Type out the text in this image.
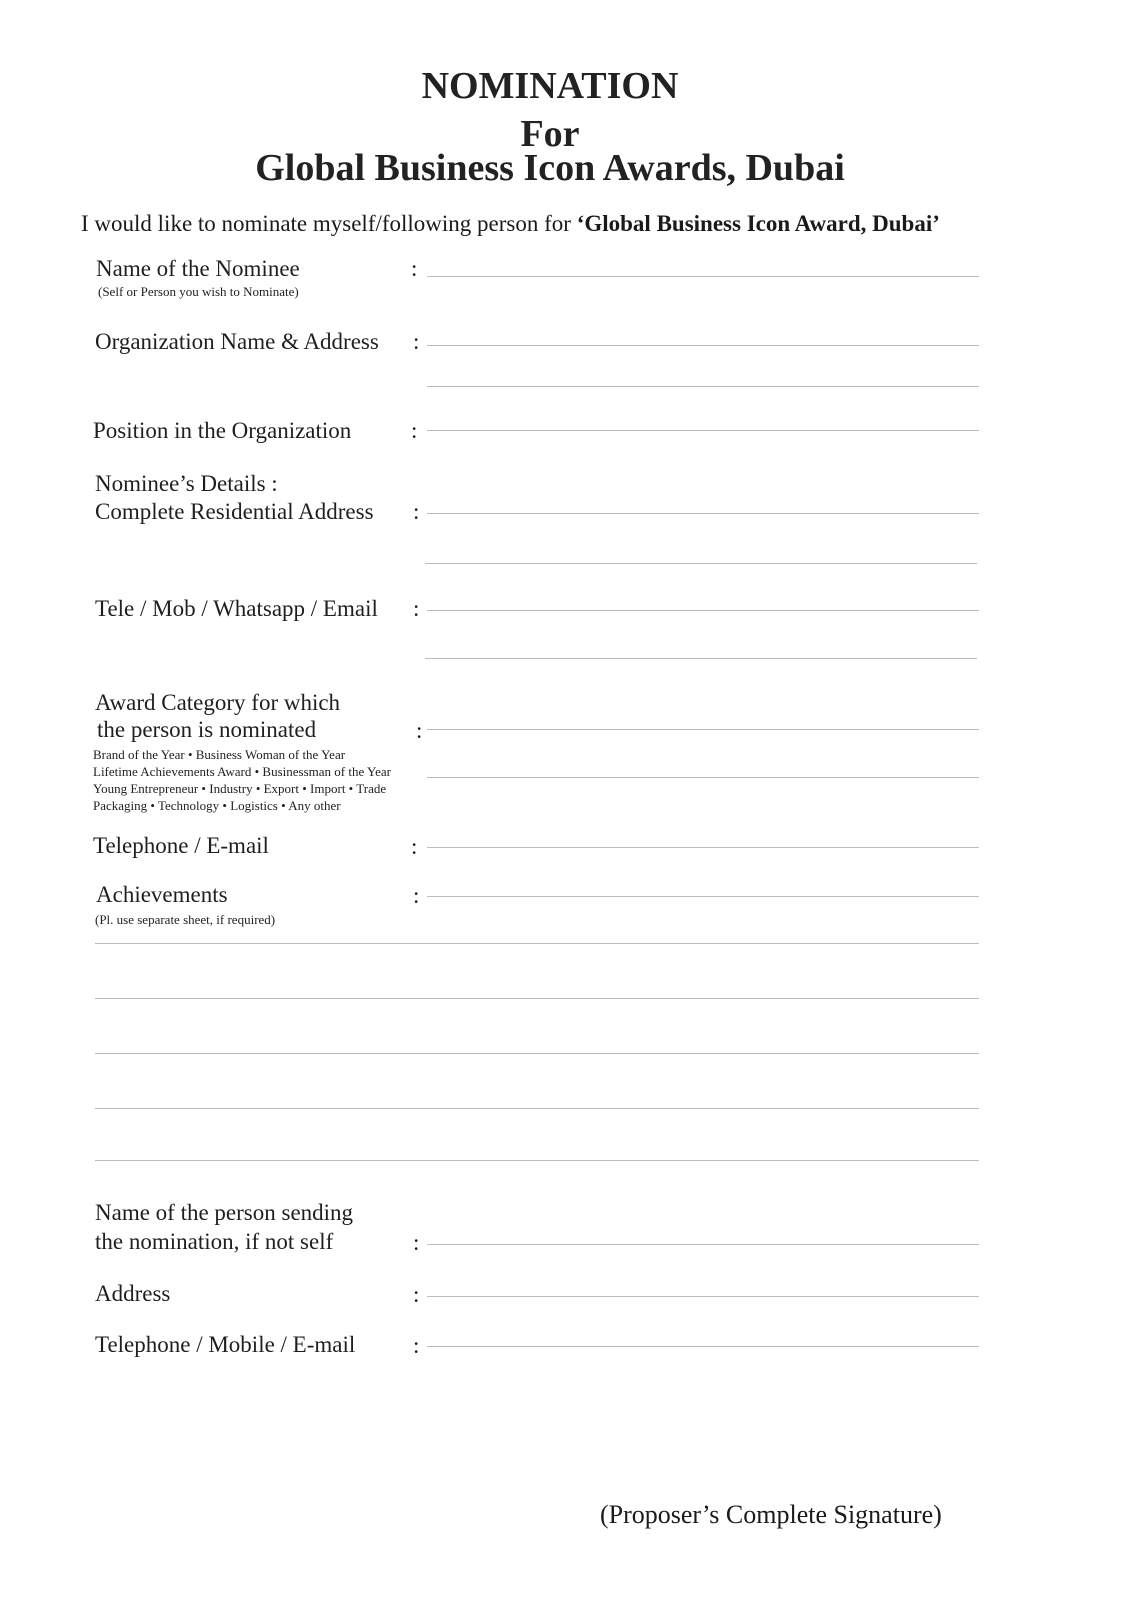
NOMINATION
For
Global Business Icon Awards, Dubai
I would like to nominate myself/following person for ‘Global Business Icon Award, Dubai’
Name of the Nominee
(Self or Person you wish to Nominate)
:
Organization Name & Address :
Position in the Organization	:
Nominee’s Details :
Complete Residential Address :
Tele / Mob / Whatsapp / Email :
Award Category for which
the person is nominated	:
Brand of the Year • Business Woman of the Year
Lifetime Achievements Award • Businessman of the Year
Young Entrepreneur • Industry • Export • Import • Trade
Packaging • Technology • Logistics • Any other
Telephone / E-mail	:
Achievements
(Pl. use separate sheet, if required)
:
Name of the person sending
the nomination, if not self	:
Address	:
Telephone / Mobile / E-mail	:
(Proposer’s Complete Signature)
